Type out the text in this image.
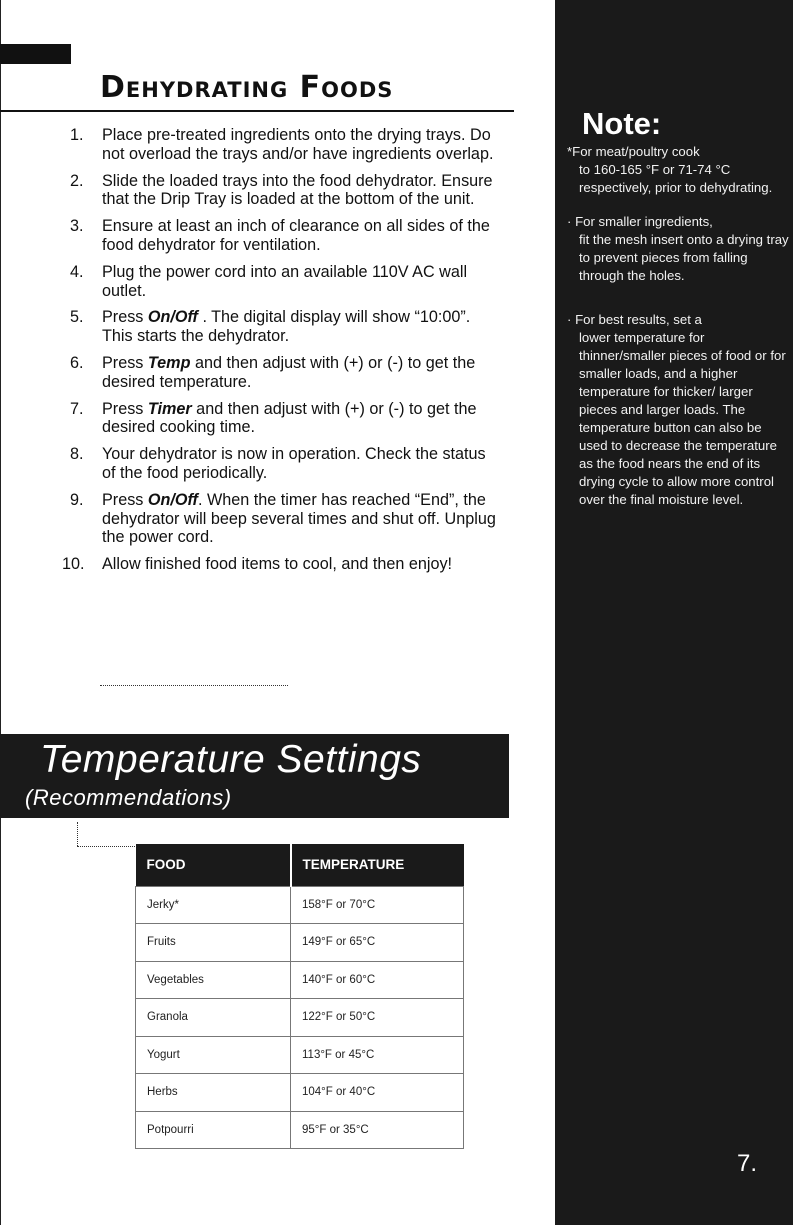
Dehydrating Foods
1. Place pre-treated ingredients onto the drying trays. Do not overload the trays and/or have ingredients overlap.
2. Slide the loaded trays into the food dehydrator. Ensure that the Drip Tray is loaded at the bottom of the unit.
3. Ensure at least an inch of clearance on all sides of the food dehydrator for ventilation.
4. Plug the power cord into an available 110V AC wall outlet.
5. Press On/Off . The digital display will show “10:00”. This starts the dehydrator.
6. Press Temp and then adjust with (+) or (-) to get the desired temperature.
7. Press Timer and then adjust with (+) or (-) to get the desired cooking time.
8. Your dehydrator is now in operation. Check the status of the food periodically.
9. Press On/Off. When the timer has reached “End”, the dehydrator will beep several times and shut off. Unplug the power cord.
10. Allow finished food items to cool, and then enjoy!
Temperature Settings
(Recommendations)
FOOD	TEMPERATURE
Jerky*	158°F or 70°C
Fruits	149°F or 65°C
Vegetables	140°F or 60°C
Granola	122°F or 50°C
Yogurt	113°F or 45°C
Herbs	104°F or 40°C
Potpourri	95°F or 35°C
Note:
*For meat/poultry cook
to 160-165 °F or 71-74 °C respectively, prior to dehydrating.
· For smaller ingredients,
fit the mesh insert onto a drying tray to prevent pieces from falling through the holes.
· For best results, set a
lower temperature for thinner/smaller pieces of food or for smaller loads, and a higher temperature for thicker/ larger pieces and larger loads. The temperature button can also be used to decrease the temperature as the food nears the end of its drying cycle to allow more control over the final moisture level.
7.
